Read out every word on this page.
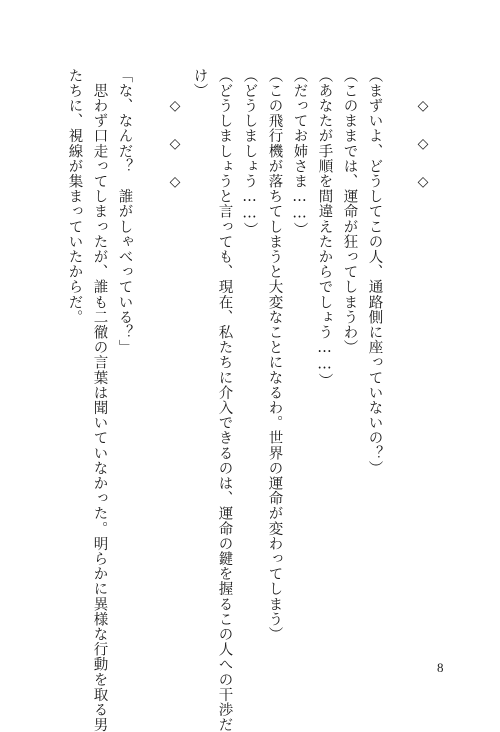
◇◇◇
（まずいよ、どうしてこの人、通路側に座っていないの？）
（このままでは、運命が狂ってしまうわ）
（あなたが手順を間違えたからでしょう……）
（だってお姉さま……）
（この飛行機が落ちてしまうと大変なことになるわ。世界の運命が変わってしまう）
（どうしましょう……）
（どうしましょうと言っても、現在、私たちに介入できるのは、運命の鍵を握るこの人への干渉だ
け）
◇◇◇
「な、なんだ？　誰がしゃべっている？」
　思わず口走ってしまったが、誰も二徹の言葉は聞いていなかった。明らかに異様な行動を取る男
たちに、視線が集まっていたからだ。
8
